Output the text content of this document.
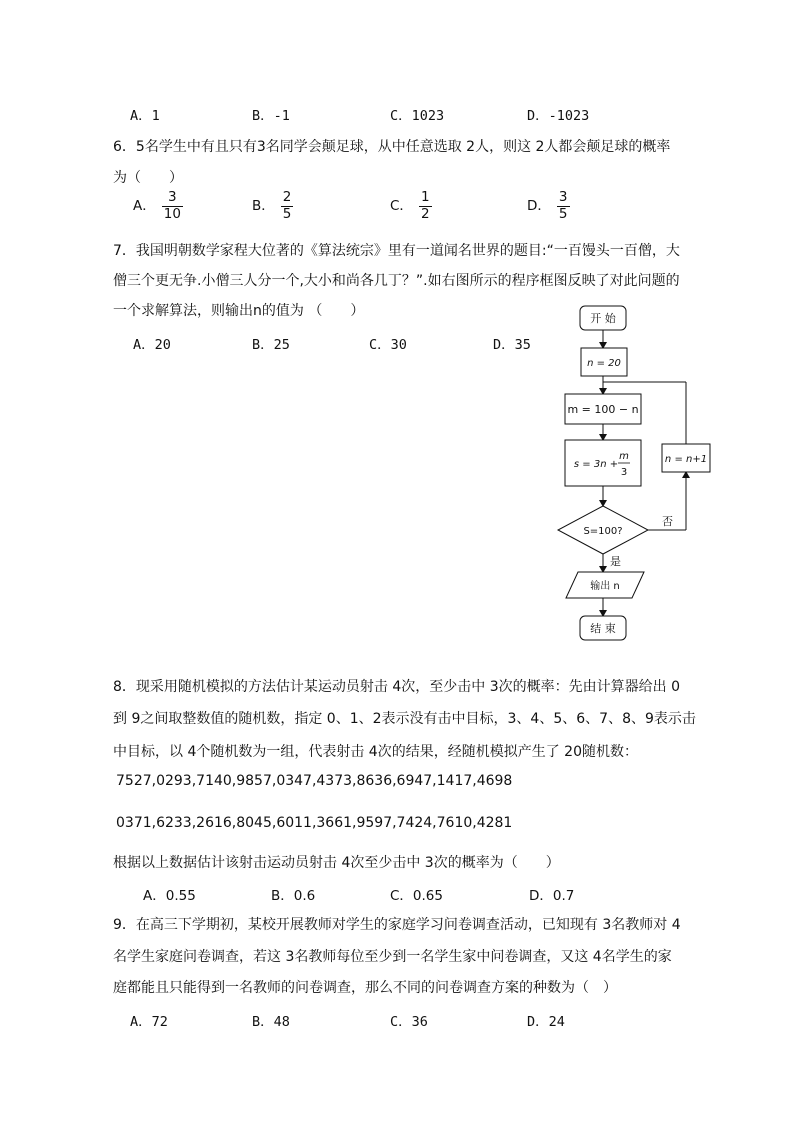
A．1	B．-1	C．1023	D．-1023
6．5名学生中有且只有3名同学会颠足球，从中任意选取 2人，则这 2人都会颠足球的概率
为（　　）
A． $\frac{3}{10}$	B． $\frac{2}{5}$	C． $\frac{1}{2}$	D． $\frac{3}{5}$
7．我国明朝数学家程大位著的《算法统宗》里有一道闻名世界的题目:“一百馒头一百僧，大
僧三个更无争.小僧三人分一个,大小和尚各几丁？”.如右图所示的程序框图反映了对此问题的
一个求解算法，则输出n的值为 （　　）
A．20	B．25	C．30	D．35
开 始
n = 20
m = 100 − n
s = 3n +
m
3
S=100?
否
n = n+1
是
输出 n
结 束
8．现采用随机模拟的方法估计某运动员射击 4次，至少击中 3次的概率：先由计算器给出 0
到 9之间取整数值的随机数，指定 0、1、2表示没有击中目标，3、4、5、6、7、8、9表示击
中目标，以 4个随机数为一组，代表射击 4次的结果，经随机模拟产生了 20随机数：
7527,0293,7140,9857,0347,4373,8636,6947,1417,4698
0371,6233,2616,8045,6011,3661,9597,7424,7610,4281
根据以上数据估计该射击运动员射击 4次至少击中 3次的概率为（　　）
A．0.55	B．0.6	C．0.65	D．0.7
9．在高三下学期初，某校开展教师对学生的家庭学习问卷调查活动，已知现有 3名教师对 4
名学生家庭问卷调查，若这 3名教师每位至少到一名学生家中问卷调查，又这 4名学生的家
庭都能且只能得到一名教师的问卷调查，那么不同的问卷调查方案的种数为（　）
A．72	B．48	C．36	D．24
